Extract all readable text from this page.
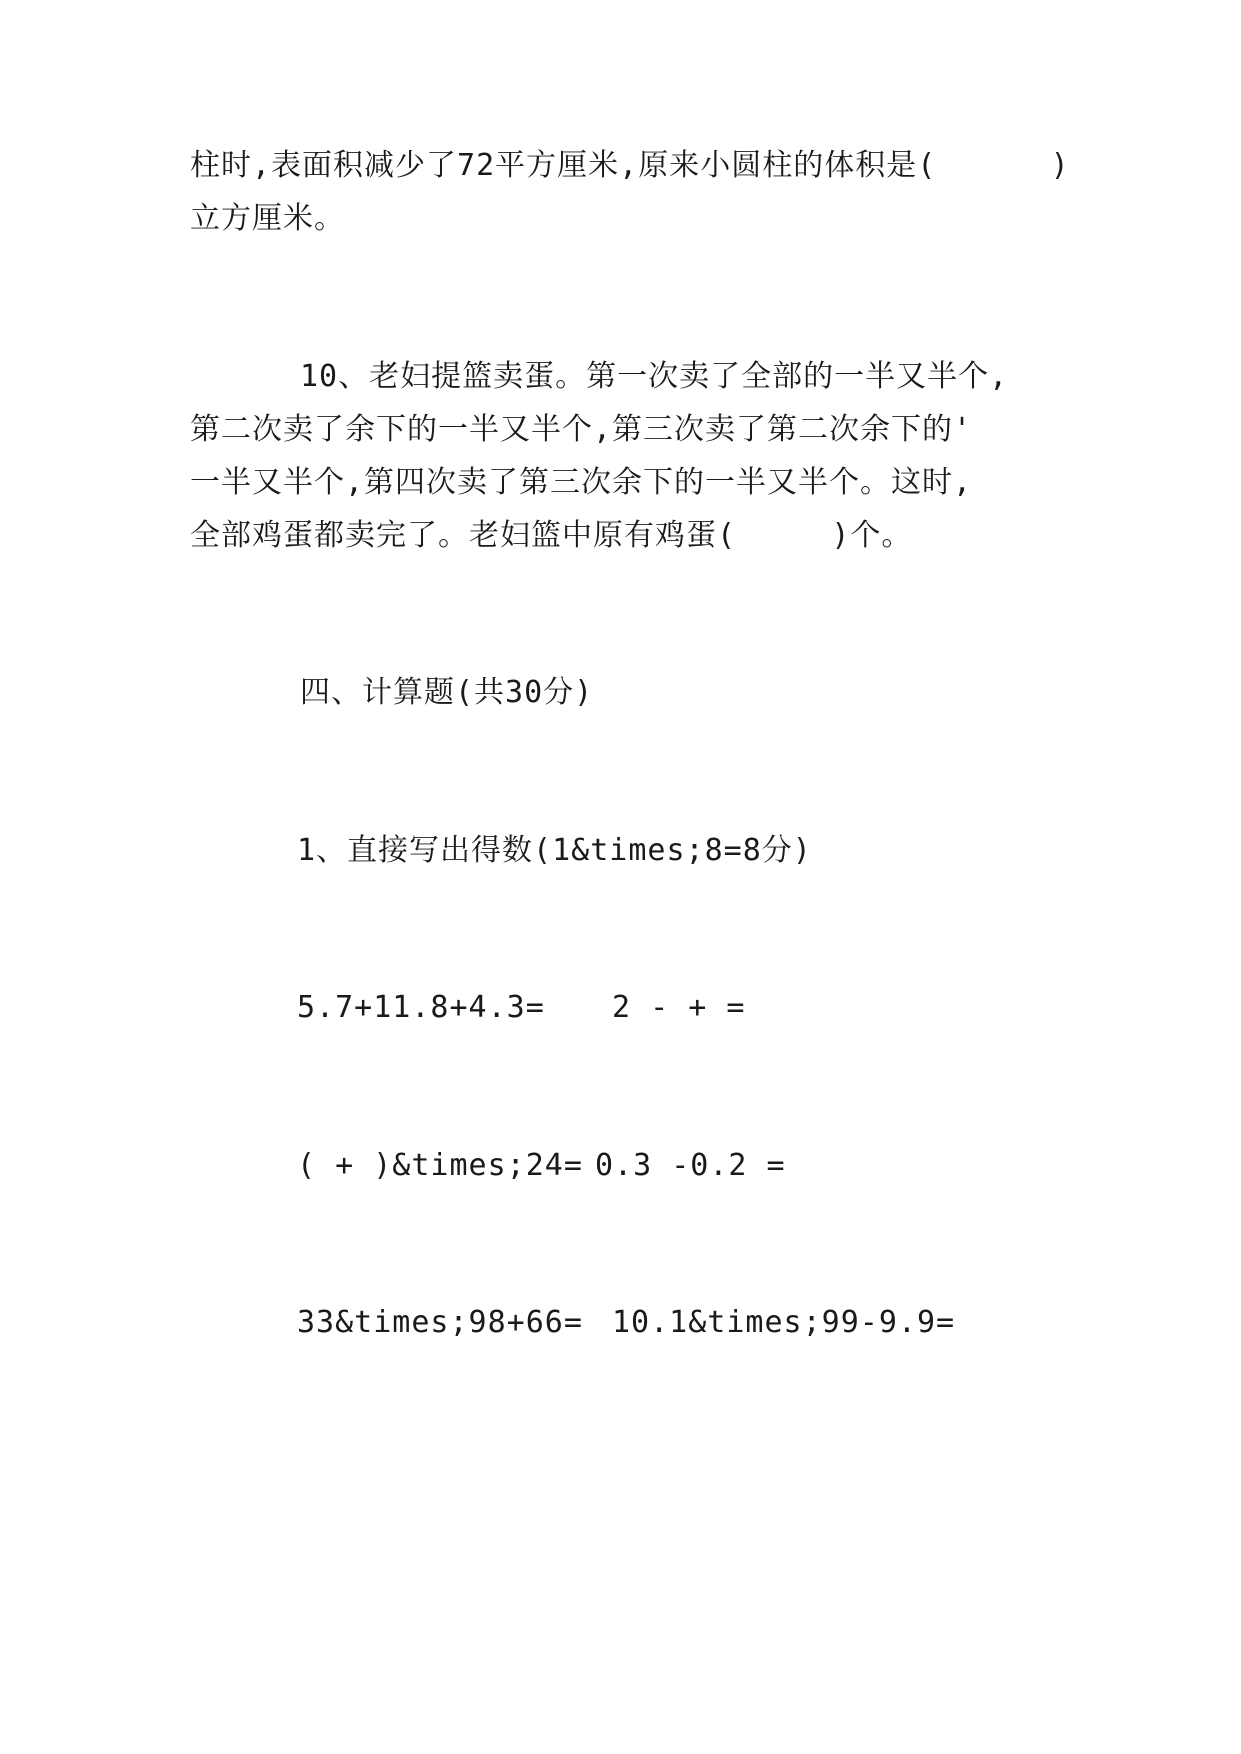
柱时,表面积减少了72平方厘米,原来小圆柱的体积是(      )
立方厘米。
10、老妇提篮卖蛋。第一次卖了全部的一半又半个,
第二次卖了余下的一半又半个,第三次卖了第二次余下的'
一半又半个,第四次卖了第三次余下的一半又半个。这时,
全部鸡蛋都卖完了。老妇篮中原有鸡蛋(     )个。
四、计算题(共30分)
1、直接写出得数(1&times;8=8分)
5.7+11.8+4.3= 2 - + =
( + )&times;24= 0.3 -0.2 =
33&times;98+66= 10.1&times;99-9.9=
